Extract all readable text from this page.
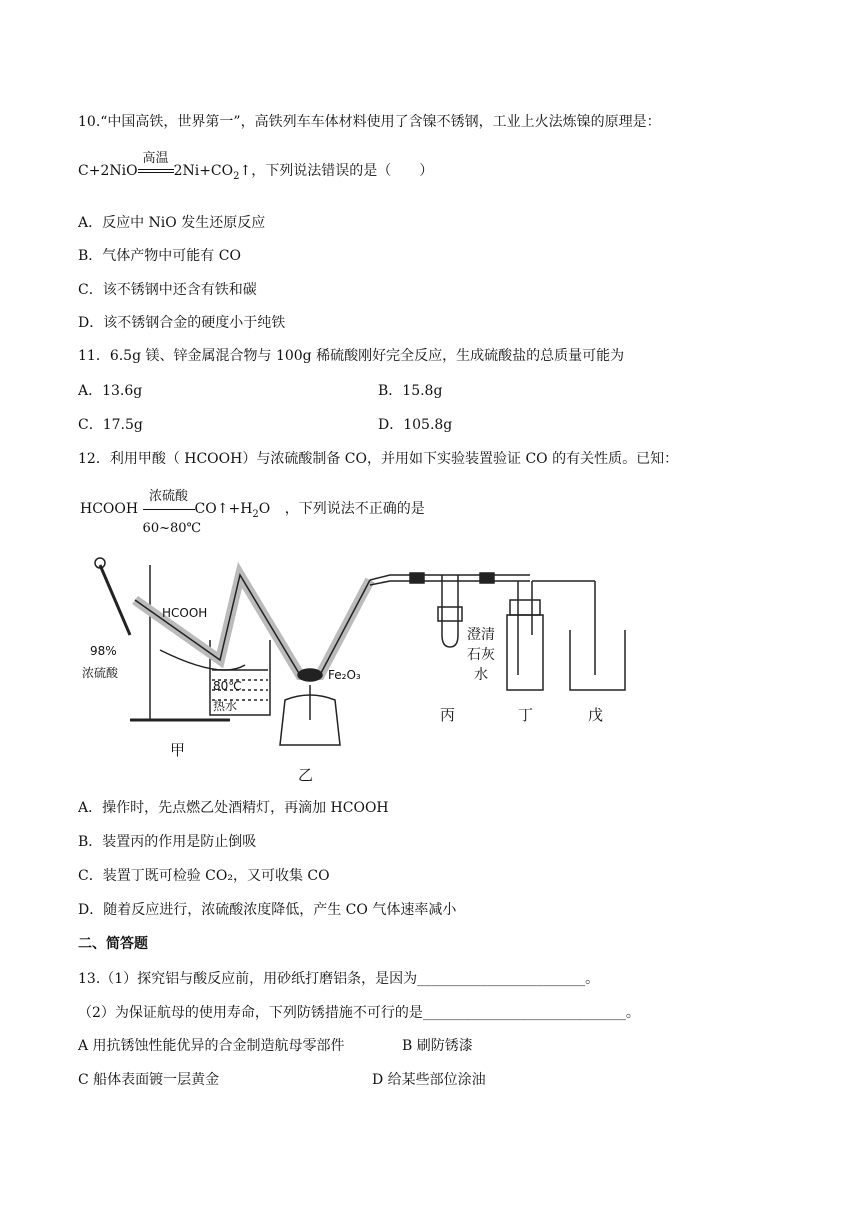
10.“中国高铁，世界第一”，高铁列车车体材料使用了含镍不锈钢，工业上火法炼镍的原理是：
C+2NiO
高温
$2Ni+CO_2↑$，下列说法错误的是（　　）
A．反应中 NiO 发生还原反应
B．气体产物中可能有 CO
C．该不锈钢中还含有铁和碳
D．该不锈钢合金的硬度小于纯铁
11．6.5g 镁、锌金属混合物与 100g 稀硫酸刚好完全反应，生成硫酸盐的总质量可能为
A．13.6g	B．15.8g
C．17.5g	D．105.8g
12．利用甲酸（ HCOOH）与浓硫酸制备 CO，并用如下实验装置验证 CO 的有关性质。已知：
HCOOH
浓硫酸
60~80℃
$CO↑+H_2O$ ，下列说法不正确的是
HCOOH
98%
浓硫酸
80℃
热水
Fe₂O₃
甲
乙
丙	丁	戊
澄清
石灰
水
A．操作时，先点燃乙处酒精灯，再滴加 HCOOH
B．装置丙的作用是防止倒吸
C．装置丁既可检验 CO₂，又可收集 CO
D．随着反应进行，浓硫酸浓度降低，产生 CO 气体速率减小
二、简答题
13.（1）探究铝与酸反应前，用砂纸打磨铝条，是因为________________________。
（2）为保证航母的使用寿命，下列防锈措施不可行的是_____________________________。
A 用抗锈蚀性能优异的合金制造航母零部件	B 刷防锈漆
C 船体表面镀一层黄金	D 给某些部位涂油
